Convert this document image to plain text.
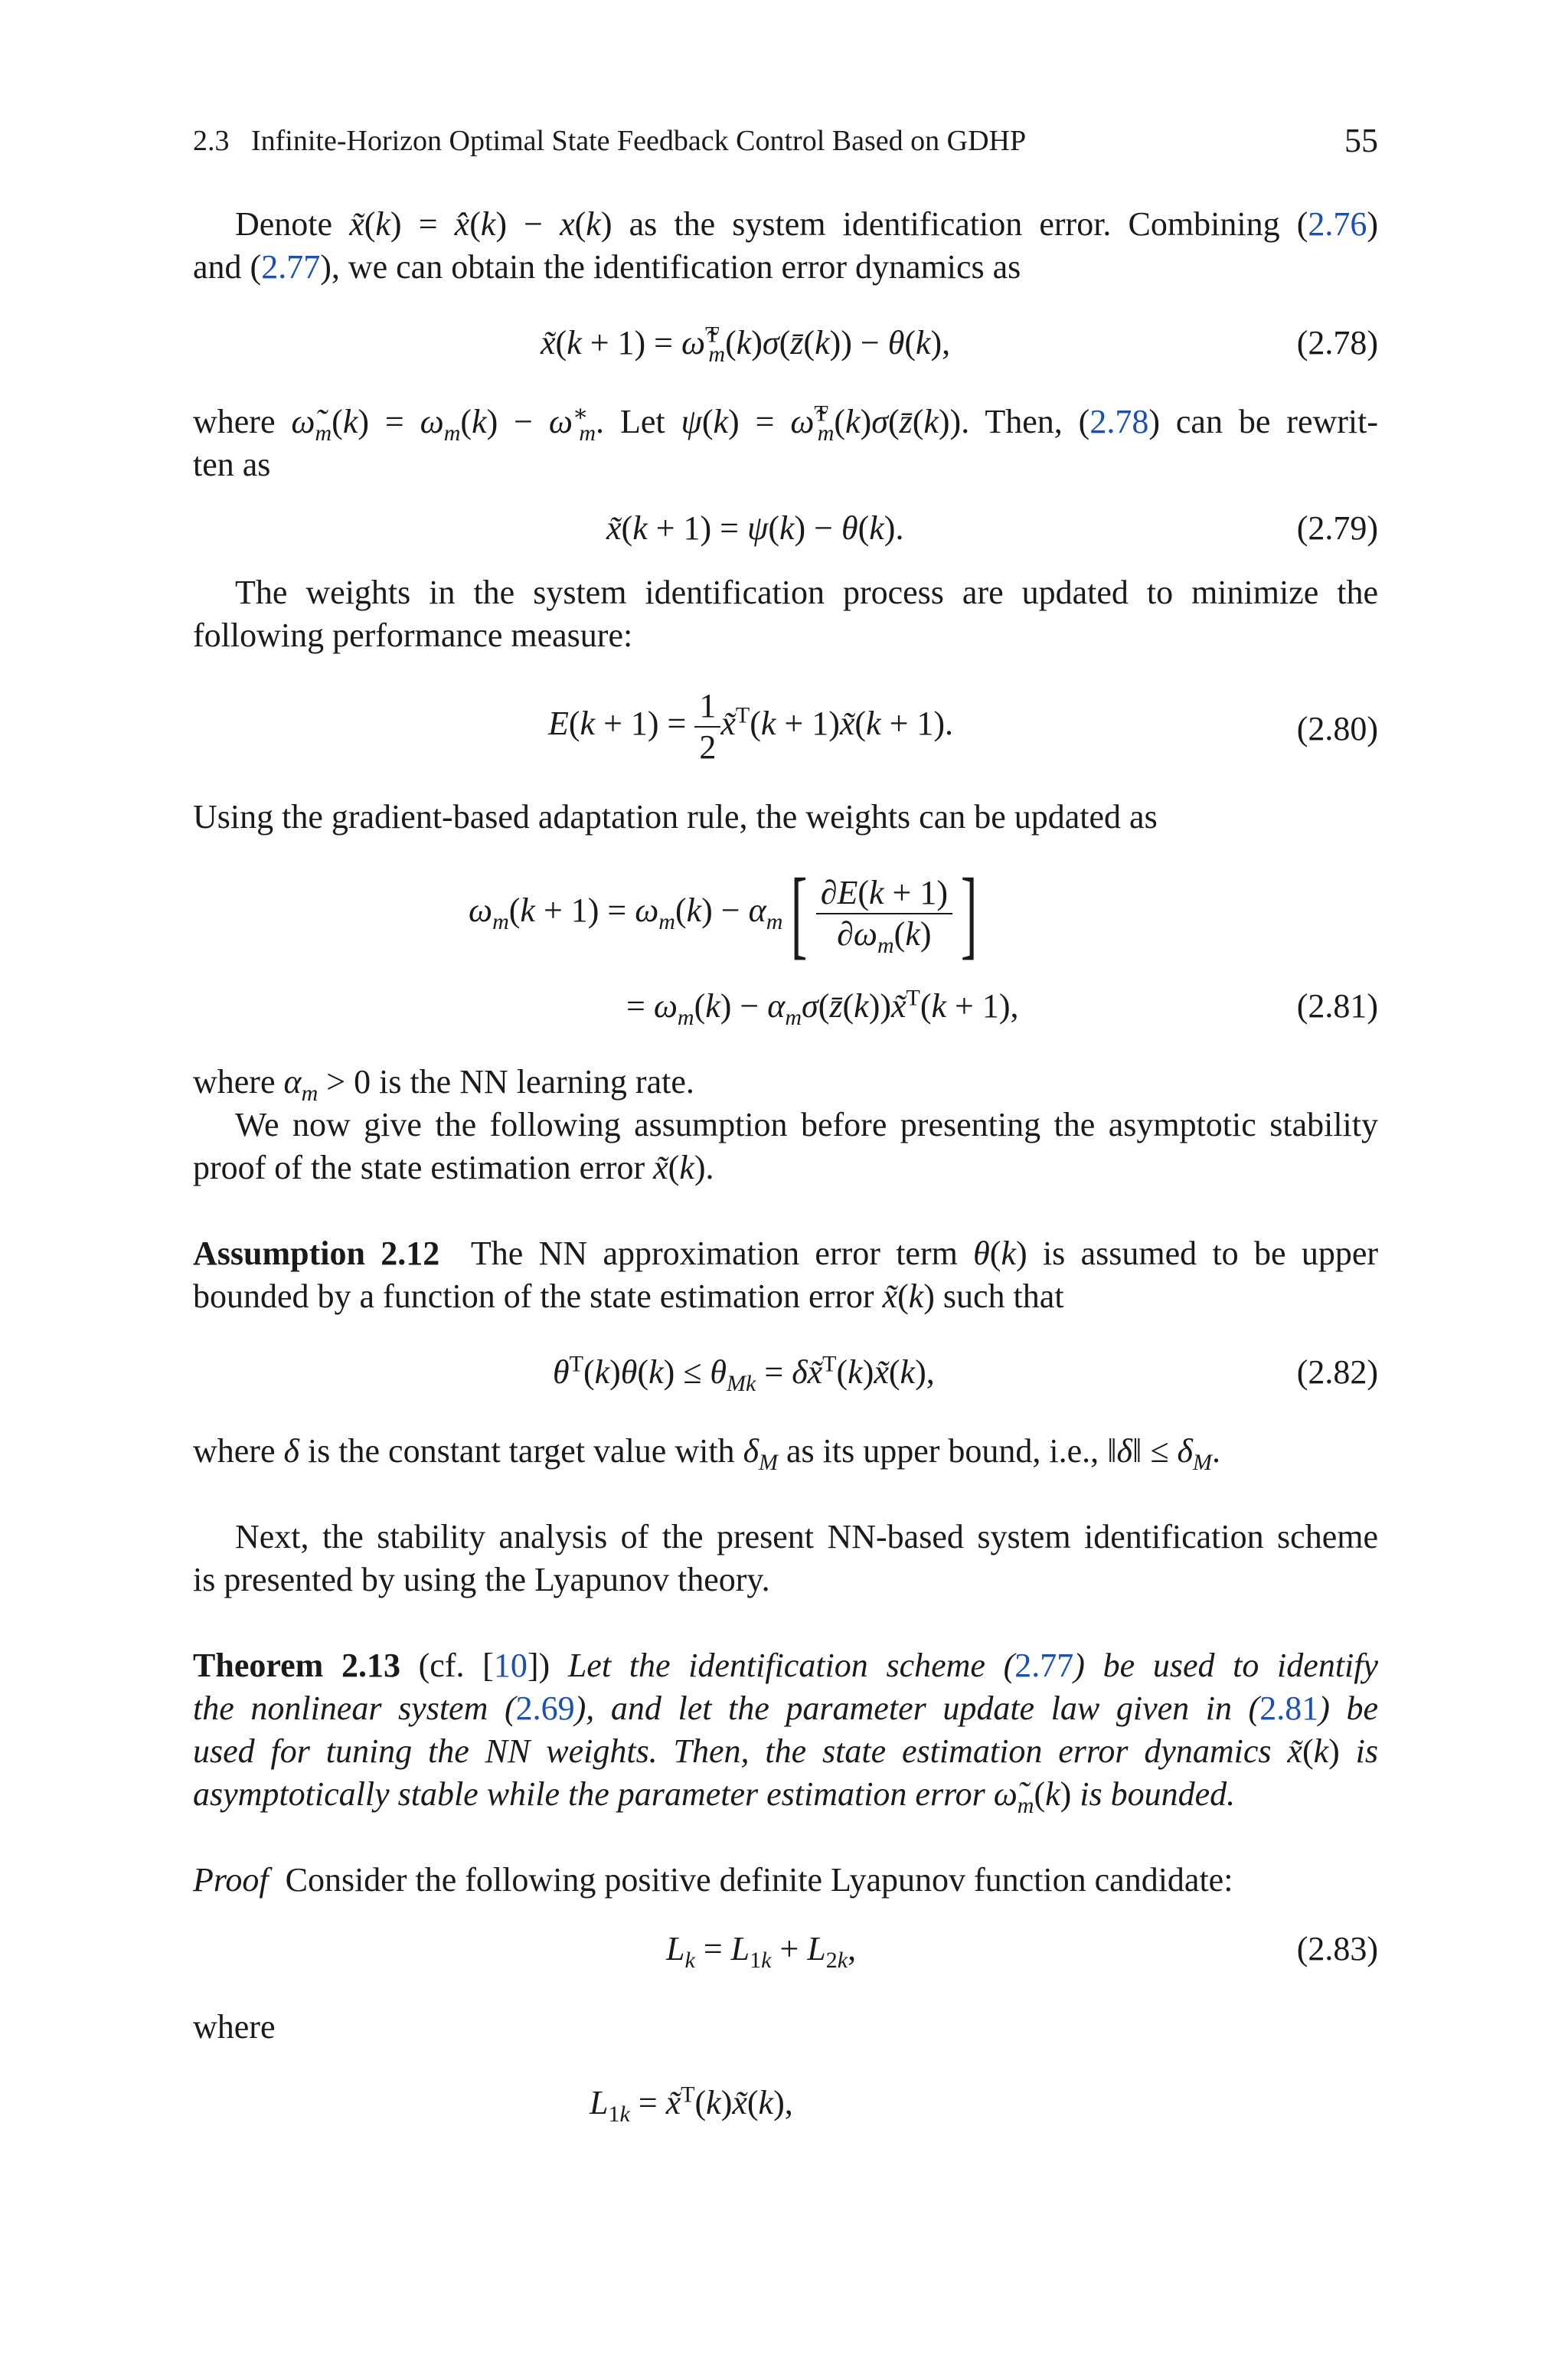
2.3 Infinite-Horizon Optimal State Feedback Control Based on GDHP	55
Denote x̃(k) = x̂(k) − x(k) as the system identification error. Combining (2.76)
and (2.77), we can obtain the identification error dynamics as
x̃(k + 1) = ω̃$^T_m$(k)σ(z̄(k)) − θ(k),	(2.78)
where $\omegã_m(k) = \omega_m(k) - \omega^∗_m$. Let ψ(k) = ω̃$^T_m$(k)σ(z̄(k)). Then, (2.78) can be rewrit-
ten as
x̃(k + 1) = ψ(k) − θ(k).	(2.79)
The weights in the system identification process are updated to minimize the
following performance measure:
$E(k + 1) = \frac{1}{2}$ x̃$^T$(k + 1)x̃(k + 1).	(2.80)
Using the gradient-based adaptation rule, the weights can be updated as
$\omega_m(k + 1) = \omega_m(k) - \alpha_m[ \frac{\partial E(k + 1)}{\partial\omega_m(k)}$ ]
= $\omega_m(k)$ − $\alpha_m\sigma(z̄(k))x̃^T(k + 1)$,	(2.81)
where $\alpha_m > 0$ is the NN learning rate.
We now give the following assumption before presenting the asymptotic stability
proof of the state estimation error x̃(k).
Assumption 2.12 The NN approximation error term θ(k) is assumed to be upper
bounded by a function of the state estimation error x̃(k) such that
$\theta^T(k)\theta(k) \le \theta_{Mk}$ = δx̃$^T$(k)x̃(k),	(2.82)
where δ is the constant target value with $\delta_M$ as its upper bound, i.e., ‖δ‖ ≤ $\delta_M$.
Next, the stability analysis of the present NN-based system identification scheme
is presented by using the Lyapunov theory.
Theorem 2.13 (cf. [10]) Let the identification scheme (2.77) be used to identify
the nonlinear system (2.69), and let the parameter update law given in (2.81) be
used for tuning the NN weights. Then, the state estimation error dynamics x̃(k) is
asymptotically stable while the parameter estimation error $\omegã_m(k)$ is bounded.
Proof Consider the following positive definite Lyapunov function candidate:
$L_k = L_{1k} + L_{2k}$,	(2.83)
where
$L_{1k}$ = x̃$^T$(k)x̃(k),
